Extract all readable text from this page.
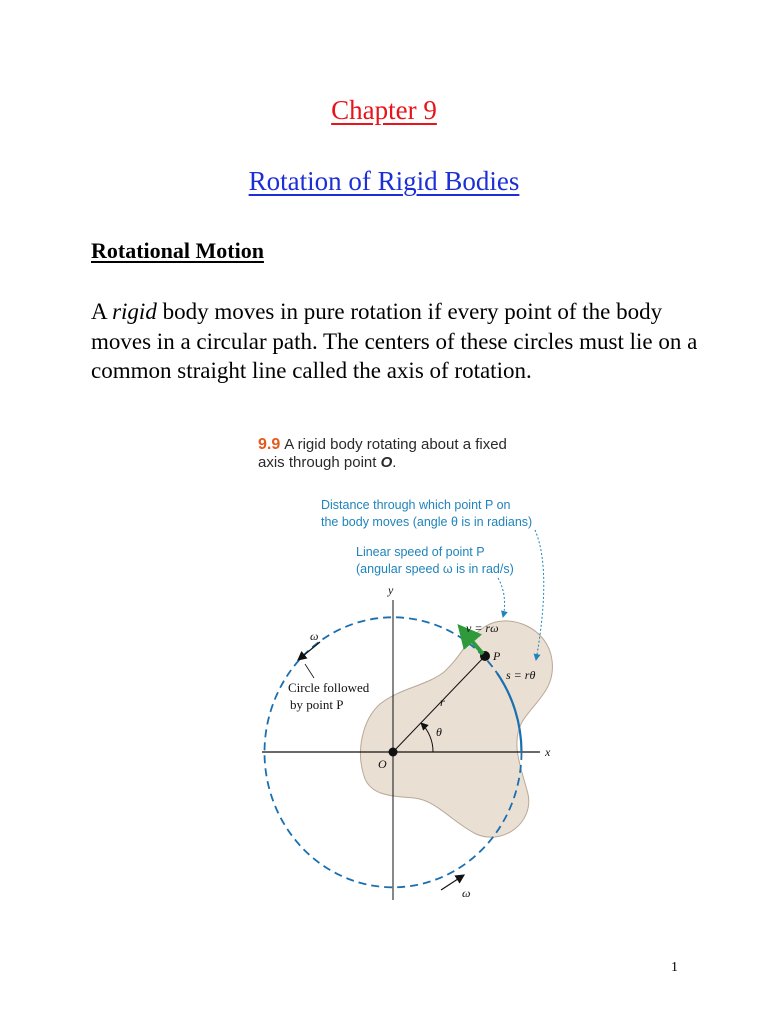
Chapter 9
Rotation of Rigid Bodies
Rotational Motion
A rigid body moves in pure rotation if every point of the body moves in a circular path. The centers of these circles must lie on a common straight line called the axis of rotation.
9.9 A rigid body rotating about a fixed
axis through point O.
Distance through which point P on
the body moves (angle θ is in radians)
Linear speed of point P
(angular speed ω is in rad/s)
Circle followed
by point P
y
x
O
P
r
θ
v = rω
s = rθ
ω
ω
1
